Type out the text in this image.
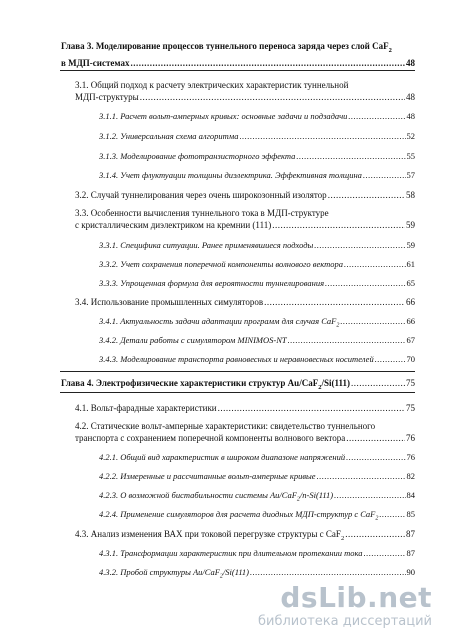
Глава 3. Моделирование процессов туннельного переноса заряда через слой CaF$_2$
в МДП-системах .....	48
3.1. Общий подход к расчету электрических характеристик туннельной
МДП-структуры .....	48
3.1.1. Расчет вольт-амперных кривых: основные задачи и подзадачи .....	48
3.1.2. Универсальная схема алгоритма .....	52
3.1.3. Моделирование фототранзисторного эффекта .....	55
3.1.4. Учет флуктуации толщины диэлектрика. Эффективная толщина .....	57
3.2. Случай туннелирования через очень широкозонный изолятор .....	58
3.3. Особенности вычисления туннельного тока в МДП-структуре
с кристаллическим диэлектриком на кремнии (111) .....	59
3.3.1. Специфика ситуации. Ранее применявшиеся подходы .....	59
3.3.2. Учет сохранения поперечной компоненты волнового вектора .....	61
3.3.3. Упрощенная формула для вероятности туннелирования .....	65
3.4. Использование промышленных симуляторов .....	66
3.4.1. Актуальность задачи адаптации программ для случая CaF$_2$ .....	66
3.4.2. Детали работы с симулятором MINIMOS-NT .....	67
3.4.3. Моделирование транспорта равновесных и неравновесных носителей .....	70
Глава 4. Электрофизические характеристики структур Au/CaF$_2$/Si(111) .....	75
4.1. Вольт-фарадные характеристики .....	75
4.2. Статические вольт-амперные характеристики: свидетельство туннельного
транспорта с сохранением поперечной компоненты волнового вектора .....	76
4.2.1. Общий вид характеристик в широком диапазоне напряжений .....	76
4.2.2. Измеренные и рассчитанные вольт-амперные кривые .....	82
4.2.3. О возможной бистабильности системы Au/CaF$_2$/n-Si(111) .....	84
4.2.4. Применение симуляторов для расчета диодных МДП-структур с CaF$_2$ .....	85
4.3. Анализ изменения ВАХ при токовой перегрузке структуры с CaF$_2$ .....	87
4.3.1. Трансформации характеристик при длительном протекании тока .....	87
4.3.2. Пробой структуры Au/CaF$_2$/Si(111) .....	90
dsLib.net
библиотека диссертаций
